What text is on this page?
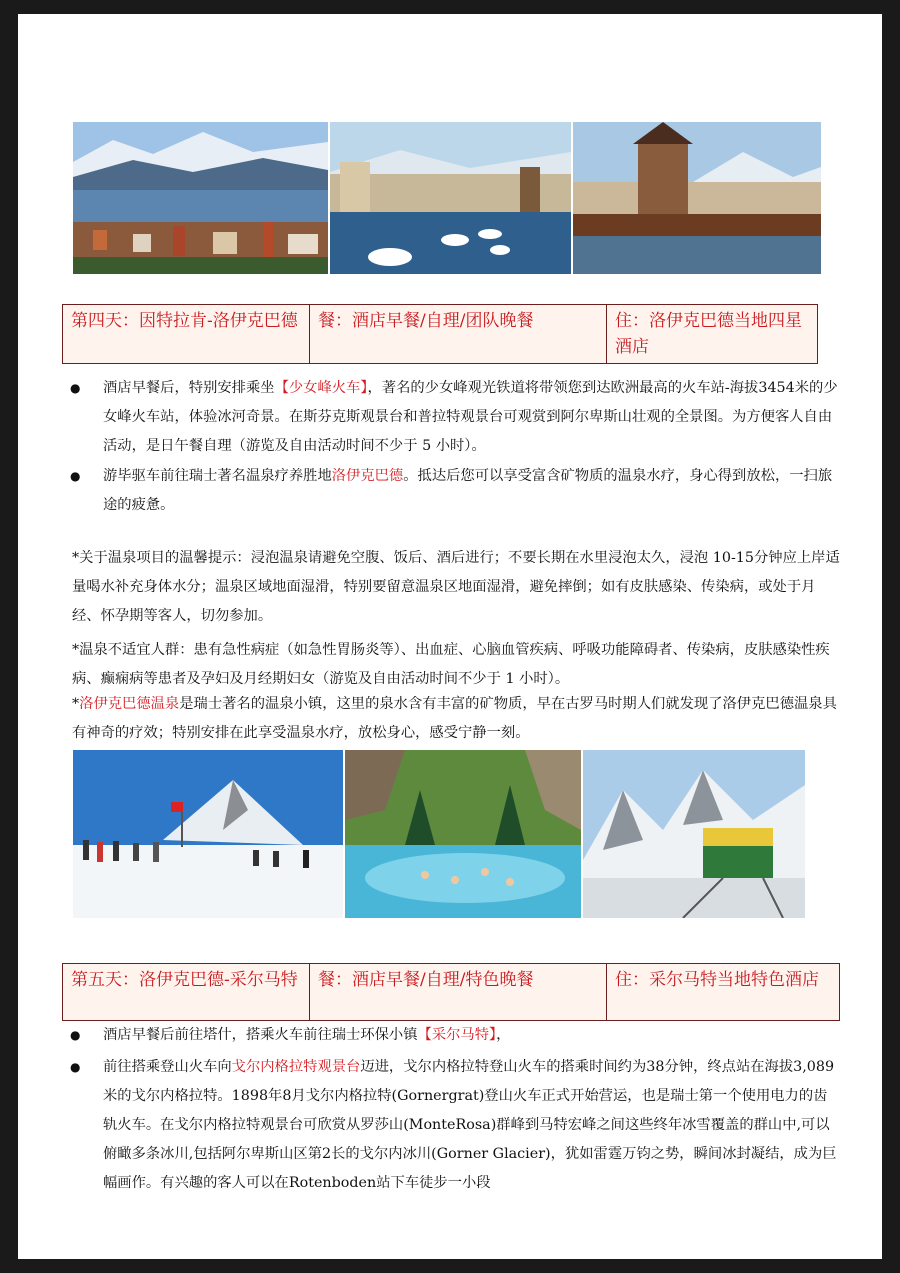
第四天：因特拉肯-洛伊克巴德	餐：酒店早餐/自理/团队晚餐	住：洛伊克巴德当地四星酒店
● 酒店早餐后，特别安排乘坐【少女峰火车】，著名的少女峰观光铁道将带领您到达欧洲最高的火车站-海拔3454米的少女峰火车站，体验冰河奇景。在斯芬克斯观景台和普拉特观景台可观赏到阿尔卑斯山壮观的全景图。为方便客人自由活动，是日午餐自理（游览及自由活动时间不少于 5 小时）。
● 游毕驱车前往瑞士著名温泉疗养胜地洛伊克巴德。抵达后您可以享受富含矿物质的温泉水疗，身心得到放松，一扫旅途的疲惫。
*关于温泉项目的温馨提示：浸泡温泉请避免空腹、饭后、酒后进行；不要长期在水里浸泡太久，浸泡 10-15分钟应上岸适量喝水补充身体水分；温泉区域地面湿滑，特别要留意温泉区地面湿滑，避免摔倒；如有皮肤感染、传染病，或处于月经、怀孕期等客人，切勿参加。
*温泉不适宜人群：患有急性病症（如急性胃肠炎等）、出血症、心脑血管疾病、呼吸功能障碍者、传染病，皮肤感染性疾病、癫痫病等患者及孕妇及月经期妇女（游览及自由活动时间不少于 1 小时）。
*洛伊克巴德温泉是瑞士著名的温泉小镇，这里的泉水含有丰富的矿物质，早在古罗马时期人们就发现了洛伊克巴德温泉具有神奇的疗效；特别安排在此享受温泉水疗，放松身心，感受宁静一刻。
第五天：洛伊克巴德-采尔马特	餐：酒店早餐/自理/特色晚餐	住：采尔马特当地特色酒店
● 酒店早餐后前往塔什，搭乘火车前往瑞士环保小镇【采尔马特】，
● 前往搭乘登山火车向戈尔内格拉特观景台迈进，戈尔内格拉特登山火车的搭乘时间约为38分钟，终点站在海拔3,089米的戈尔内格拉特。1898年8月戈尔内格拉特(Gornergrat)登山火车正式开始营运，也是瑞士第一个使用电力的齿轨火车。在戈尔内格拉特观景台可欣赏从罗莎山(MonteRosa)群峰到马特宏峰之间这些终年冰雪覆盖的群山中,可以俯瞰多条冰川,包括阿尔卑斯山区第2长的戈尔内冰川(Gorner Glacier)，犹如雷霆万钧之势，瞬间冰封凝结，成为巨幅画作。有兴趣的客人可以在Rotenboden站下车徒步一小段
